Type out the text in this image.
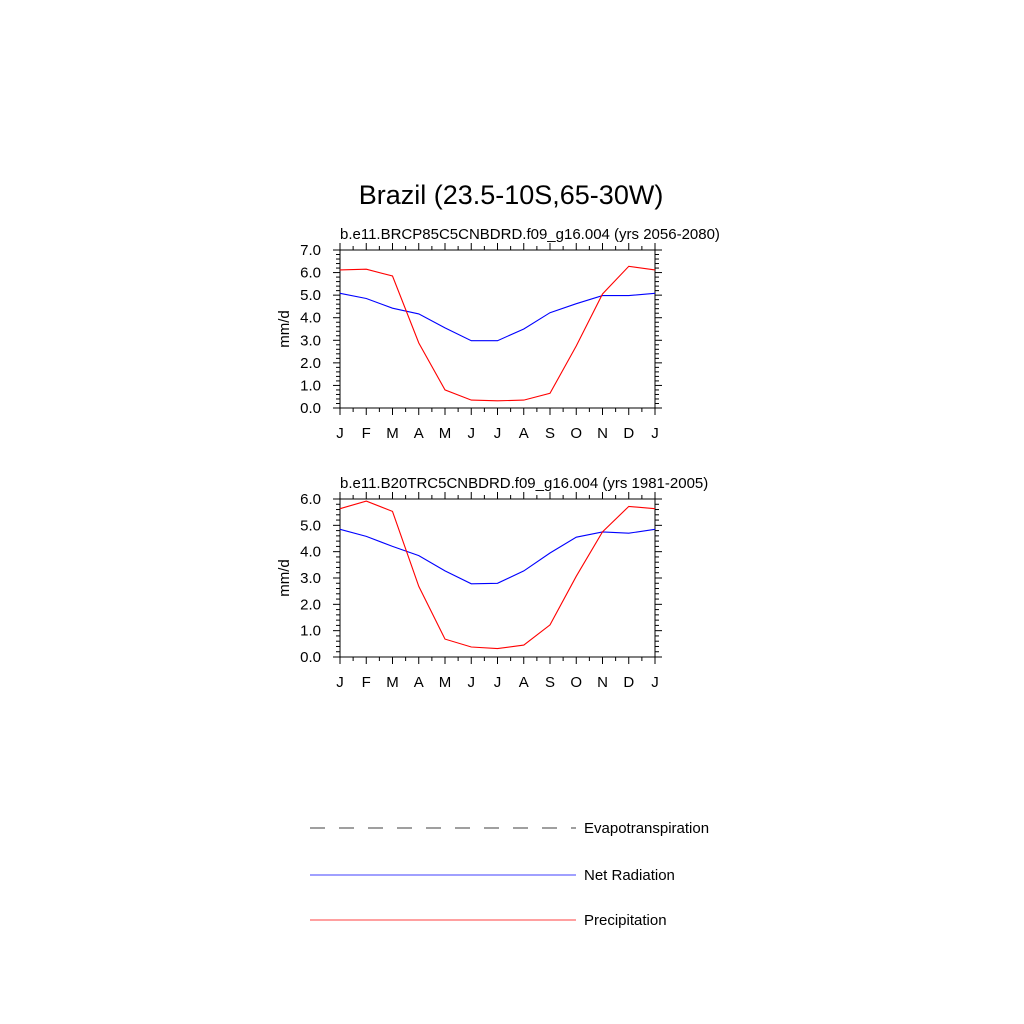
Brazil (23.5-10S,65-30W)
b.e11.BRCP85C5CNBDRD.f09_g16.004 (yrs 2056-2080)
J F M A M J J A S O N D J
0.0
1.0
2.0
3.0
4.0
5.0
6.0
7.0
mm/d
b.e11.B20TRC5CNBDRD.f09_g16.004 (yrs 1981-2005)
J F M A M J J A S O N D J
0.0
1.0
2.0
3.0
4.0
5.0
6.0
mm/d
Evapotranspiration
Net Radiation
Precipitation
